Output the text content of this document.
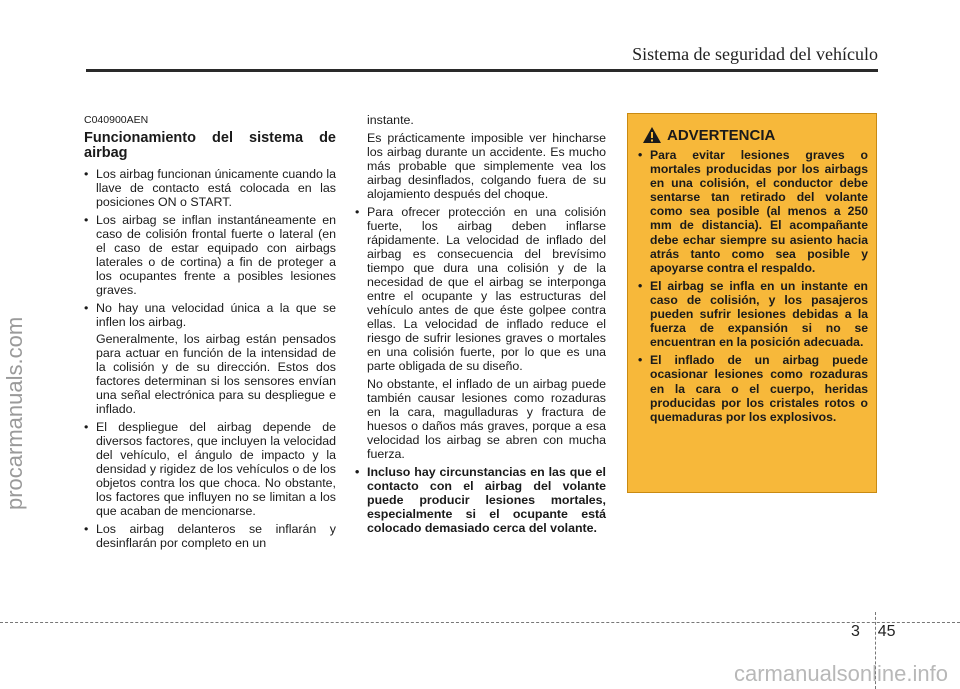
Sistema de seguridad del vehículo
procarmanuals.com
carmanualsonline.info
C040900AEN
Funcionamiento del sistema de airbag
• Los airbag funcionan únicamente cuando la llave de contacto está colocada en las posiciones ON o START.
• Los airbag se inflan instantáneamente en caso de colisión frontal fuerte o lateral (en el caso de estar equipado con airbags laterales o de cortina) a fin de proteger a los ocupantes frente a posibles lesiones graves.
• No hay una velocidad única a la que se inflen los airbag.
Generalmente, los airbag están pensados para actuar en función de la intensidad de la colisión y de su dirección. Estos dos factores determinan si los sensores envían una señal electrónica para su despliegue e inflado.
• El despliegue del airbag depende de diversos factores, que incluyen la velocidad del vehículo, el ángulo de impacto y la densidad y rigidez de los vehículos o de los objetos contra los que choca. No obstante, los factores que influyen no se limitan a los que acaban de mencionarse.
• Los airbag delanteros se inflarán y desinflarán por completo en un
instante.
Es prácticamente imposible ver hincharse los airbag durante un accidente. Es mucho más probable que simplemente vea los airbag desinflados, colgando fuera de su alojamiento después del choque.
• Para ofrecer protección en una colisión fuerte, los airbag deben inflarse rápidamente. La velocidad de inflado del airbag es consecuencia del brevísimo tiempo que dura una colisión y de la necesidad de que el airbag se interponga entre el ocupante y las estructuras del vehículo antes de que éste golpee contra ellas. La velocidad de inflado reduce el riesgo de sufrir lesiones graves o mortales en una colisión fuerte, por lo que es una parte obligada de su diseño.
No obstante, el inflado de un airbag puede también causar lesiones como rozaduras en la cara, magulladuras y fractura de huesos o daños más graves, porque a esa velocidad los airbag se abren con mucha fuerza.
• Incluso hay circunstancias en las que el contacto con el airbag del volante puede producir lesiones mortales, especialmente si el ocupante está colocado demasiado cerca del volante.
ADVERTENCIA
• Para evitar lesiones graves o mortales producidas por los airbags en una colisión, el conductor debe sentarse tan retirado del volante como sea posible (al menos a 250 mm de distancia). El acompañante debe echar siempre su asiento hacia atrás tanto como sea posible y apoyarse contra el respaldo.
• El airbag se infla en un instante en caso de colisión, y los pasajeros pueden sufrir lesiones debidas a la fuerza de expansión si no se encuentran en la posición adecuada.
• El inflado de un airbag puede ocasionar lesiones como rozaduras en la cara o el cuerpo, heridas producidas por los cristales rotos o quemaduras por los explosivos.
3 45
